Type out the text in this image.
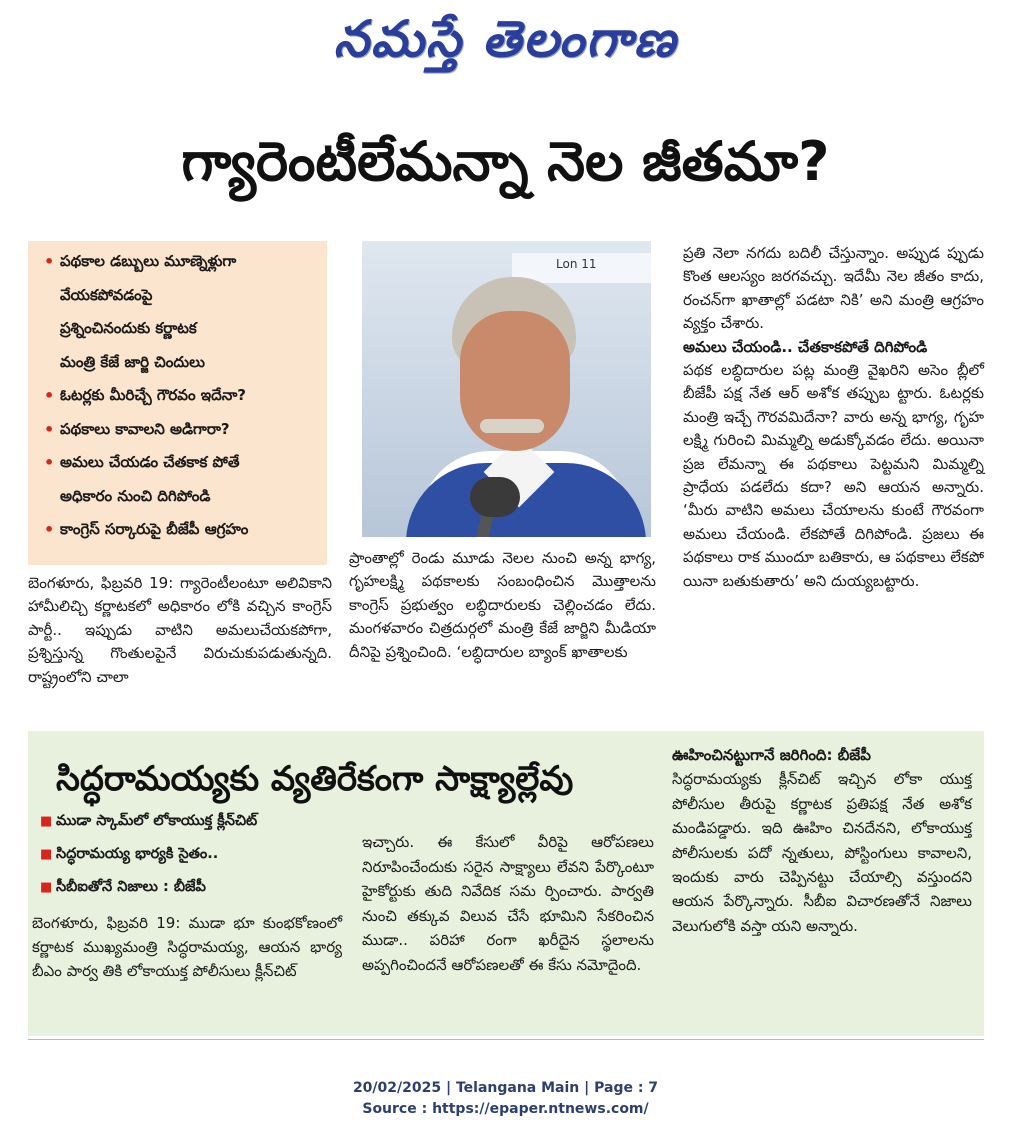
నమస్తే తెలంగాణ
గ్యారెంటీలేమన్నా నెల జీతమా?
• పథకాల డబ్బులు మూణ్నెళ్లుగా
వేయకపోవడంపై
ప్రశ్నించినందుకు కర్ణాటక
మంత్రి కేజే జార్జి చిందులు
• ఓటర్లకు మీరిచ్చే గౌరవం ఇదేనా?
• పథకాలు కావాలని అడిగారా?
• అమలు చేయడం చేతకాక పోతే
అధికారం నుంచి దిగిపోండి
• కాంగ్రెస్ సర్కారుపై బీజేపీ ఆగ్రహం
Lon 11

బెంగళూరు, ఫిబ్రవరి 19: గ్యారెంటీలంటూ అలివికాని హామీలిచ్చి కర్ణాటకలో అధికారం లోకి వచ్చిన కాంగ్రెస్ పార్టీ.. ఇప్పుడు వాటిని అమలుచేయకపోగా, ప్రశ్నిస్తున్న గొంతులపైనే విరుచుకుపడుతున్నది. రాష్ట్రంలోని చాలా

ప్రాంతాల్లో రెండు మూడు నెలల నుంచి అన్న భాగ్య, గృహలక్ష్మి పథకాలకు సంబంధించిన మొత్తాలను కాంగ్రెస్ ప్రభుత్వం లబ్ధిదారులకు చెల్లించడం లేదు. మంగళవారం చిత్రదుర్గలో మంత్రి కేజే జార్జిని మీడియా దీనిపై ప్రశ్నించింది. ‘లబ్ధిదారుల బ్యాంక్ ఖాతాలకు

ప్రతి నెలా నగదు బదిలీ చేస్తున్నాం. అప్పుడ ప్పుడు కొంత ఆలస్యం జరగవచ్చు. ఇదేమీ నెల జీతం కాదు, రంచన్‌గా ఖాతాల్లో పడటా నికి’ అని మంత్రి ఆగ్రహం వ్యక్తం చేశారు.

అమలు చేయండి.. చేతకాకపోతే దిగిపోండి

పథక లబ్ధిదారుల పట్ల మంత్రి వైఖరిని అసెం బ్లీలో బీజేపీ పక్ష నేత ఆర్ అశోక తప్పుబ ట్టారు. ఓటర్లకు మంత్రి ఇచ్చే గౌరవమిదేనా? వారు అన్న భాగ్య, గృహ లక్ష్మి గురించి మిమ్మల్ని అడుక్కోవడం లేదు. అయినా ప్రజ లేమన్నా ఈ పథకాలు పెట్టమని మిమ్మల్ని ప్రాధేయ పడలేదు కదా? అని ఆయన అన్నారు. ‘మీరు వాటిని అమలు చేయాలను కుంటే గౌరవంగా అమలు చేయండి. లేకపోతే దిగిపోండి. ప్రజలు ఈ పథకాలు రాక ముందూ బతికారు, ఆ పథకాలు లేకపో యినా బతుకుతారు’ అని దుయ్యబట్టారు.

సిద్ధరామయ్యకు వ్యతిరేకంగా సాక్ష్యాల్లేవు
■ ముడా స్కామ్‌లో లోకాయుక్త క్లీన్‌చిట్
■ సిద్ధరామయ్య భార్యకి సైతం..
■ సీబీఐతోనే నిజాలు : బీజేపీ

బెంగళూరు, ఫిబ్రవరి 19: ముడా భూ కుంభకోణంలో కర్ణాటక ముఖ్యమంత్రి సిద్ధరామయ్య, ఆయన భార్య బీఎం పార్వ తికి లోకాయుక్త పోలీసులు క్లీన్‌చిట్

ఇచ్చారు. ఈ కేసులో వీరిపై ఆరోపణలు నిరూపించేందుకు సరైన సాక్ష్యాలు లేవని పేర్కొంటూ హైకోర్టుకు తుది నివేదిక సమ ర్పించారు. పార్వతి నుంచి తక్కువ విలువ చేసే భూమిని సేకరించిన ముడా.. పరిహా రంగా ఖరీదైన స్థలాలను అప్పగించిందనే ఆరోపణలతో ఈ కేసు నమోదైంది.

ఊహించినట్టుగానే జరిగింది: బీజేపీ

సిద్ధరామయ్యకు క్లీన్‌చిట్ ఇచ్చిన లోకా యుక్త పోలీసుల తీరుపై కర్ణాటక ప్రతిపక్ష నేత అశోక మండిపడ్డారు. ఇది ఊహిం చినదేనని, లోకాయుక్త పోలీసులకు పదో న్నతులు, పోస్టింగులు కావాలని, ఇందుకు వారు చెప్పినట్టు చేయాల్సి వస్తుందని ఆయన పేర్కొన్నారు. సీబీఐ విచారణతోనే నిజాలు వెలుగులోకి వస్తా యని అన్నారు.

20/02/2025 | Telangana Main | Page : 7
Source : https://epaper.ntnews.com/
